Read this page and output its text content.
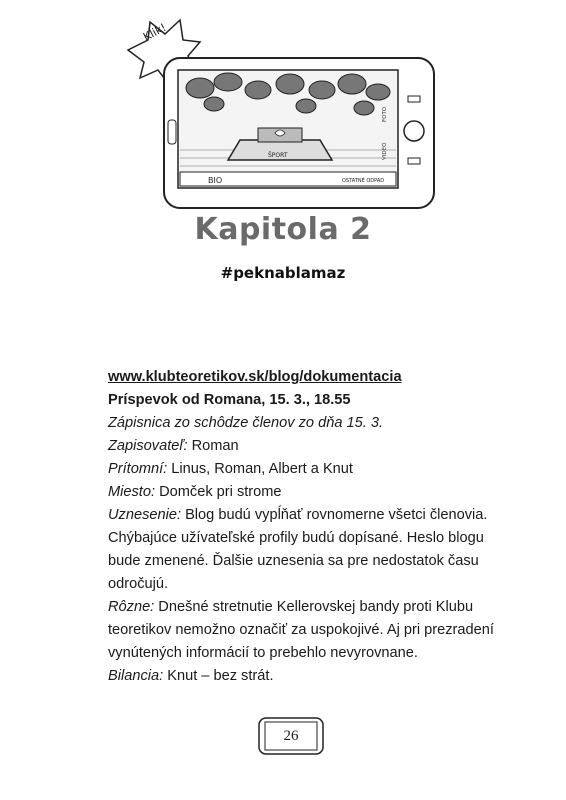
Klik!
VIDEO
FOTO
ŠPORT
BIO	OSTATNÉ ODPAD
Kapitola 2
#peknablamaz

www.klubteoretikov.sk/blog/dokumentacia

Príspevok od Romana, 15. 3., 18.55

Zápisnica zo schôdze členov zo dňa 15. 3.

Zapisovateľ: Roman

Prítomní: Linus, Roman, Albert a Knut

Miesto: Domček pri strome

Uznesenie: Blog budú vypĺňať rovnomerne všetci členovia. Chýbajúce užívateľské profily budú dopísané. Heslo blogu bude zmenené. Ďalšie uznesenia sa pre nedostatok času odročujú.

Rôzne: Dnešné stretnutie Kellerovskej bandy proti Klubu teoretikov nemožno označiť za uspokojivé. Aj pri prezradení vynútených informácií to prebehlo nevyrovnane.

Bilancia: Knut – bez strát.

26
